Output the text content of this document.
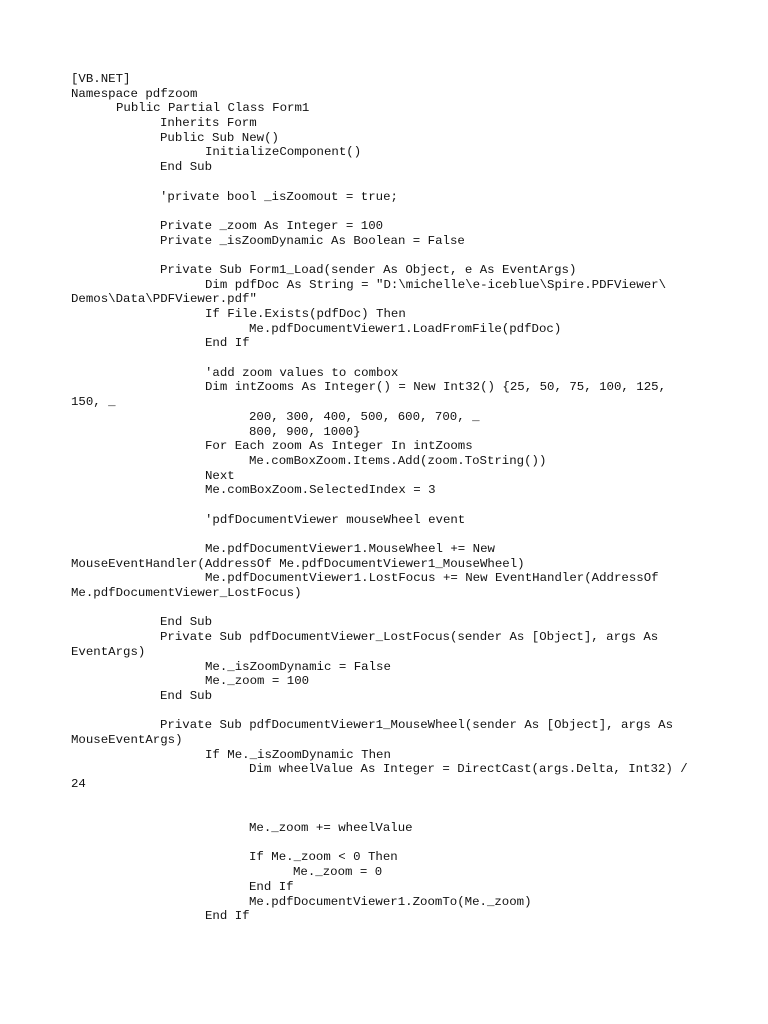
[VB.NET]
Namespace pdfzoom
Public Partial Class Form1
Inherits Form
Public Sub New()
InitializeComponent()
End Sub
'private bool _isZoomout = true;
Private _zoom As Integer = 100
Private _isZoomDynamic As Boolean = False
Private Sub Form1_Load(sender As Object, e As EventArgs)
Dim pdfDoc As String = "D:\michelle\e-iceblue\Spire.PDFViewer\
Demos\Data\PDFViewer.pdf"
If File.Exists(pdfDoc) Then
Me.pdfDocumentViewer1.LoadFromFile(pdfDoc)
End If
'add zoom values to combox
Dim intZooms As Integer() = New Int32() {25, 50, 75, 100, 125,
150, _
200, 300, 400, 500, 600, 700, _
800, 900, 1000}
For Each zoom As Integer In intZooms
Me.comBoxZoom.Items.Add(zoom.ToString())
Next
Me.comBoxZoom.SelectedIndex = 3
'pdfDocumentViewer mouseWheel event
Me.pdfDocumentViewer1.MouseWheel += New
MouseEventHandler(AddressOf Me.pdfDocumentViewer1_MouseWheel)
Me.pdfDocumentViewer1.LostFocus += New EventHandler(AddressOf
Me.pdfDocumentViewer_LostFocus)
End Sub
Private Sub pdfDocumentViewer_LostFocus(sender As [Object], args As
EventArgs)
Me._isZoomDynamic = False
Me._zoom = 100
End Sub
Private Sub pdfDocumentViewer1_MouseWheel(sender As [Object], args As
MouseEventArgs)
If Me._isZoomDynamic Then
Dim wheelValue As Integer = DirectCast(args.Delta, Int32) /
24
Me._zoom += wheelValue
If Me._zoom < 0 Then
Me._zoom = 0
End If
Me.pdfDocumentViewer1.ZoomTo(Me._zoom)
End If
